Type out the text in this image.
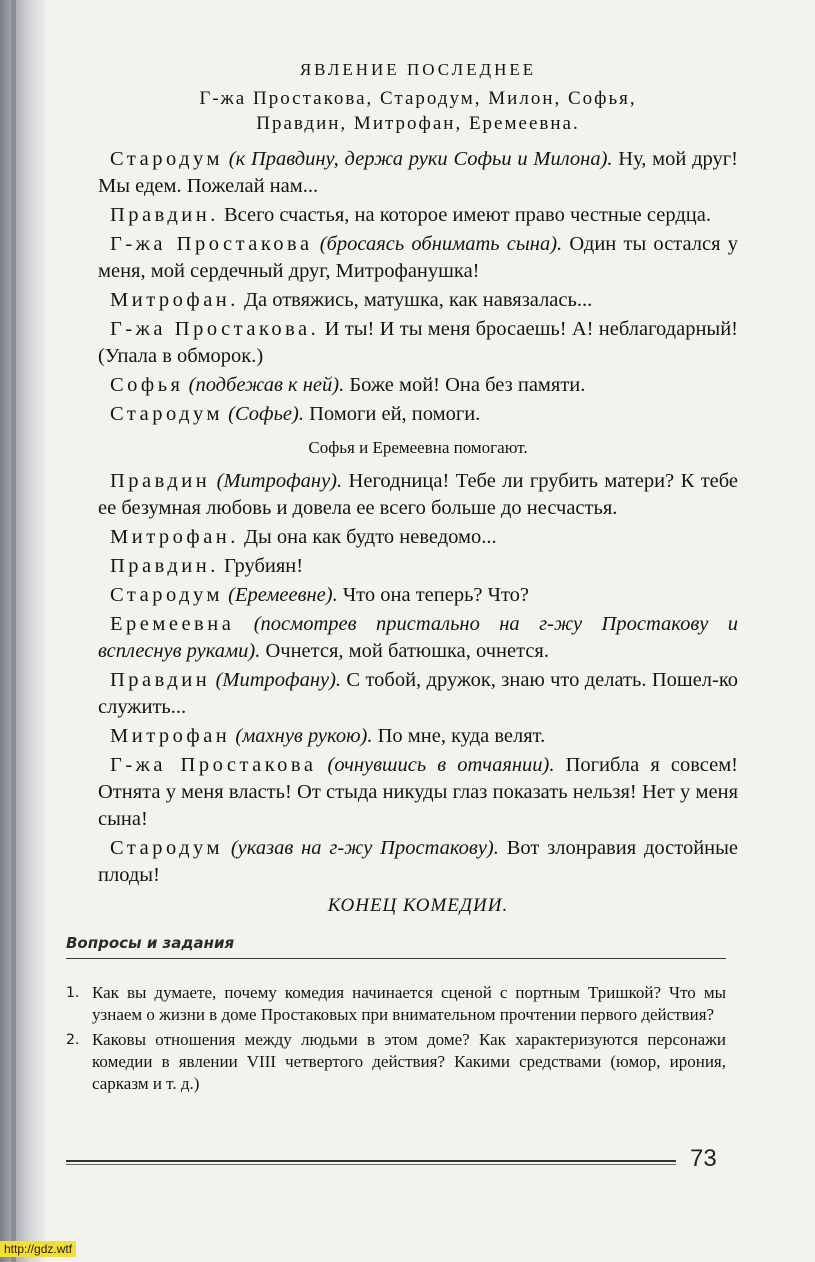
ЯВЛЕНИЕ ПОСЛЕДНЕЕ
Г-жа Простакова, Стародум, Милон, Софья,
Правдин, Митрофан, Еремеевна.

Стародум (к Правдину, держа руки Софьи и Милона). Ну, мой друг! Мы едем. Пожелай нам...

Правдин. Всего счастья, на которое имеют право честные сердца.

Г-жа Простакова (бросаясь обнимать сына). Один ты остался у меня, мой сердечный друг, Митрофанушка!

Митрофан. Да отвяжись, матушка, как навязалась...

Г-жа Простакова. И ты! И ты меня бросаешь! А! неблагодарный! (Упала в обморок.)

Софья (подбежав к ней). Боже мой! Она без памяти.

Стародум (Софье). Помоги ей, помоги.

Софья и Еремеевна помогают.

Правдин (Митрофану). Негодница! Тебе ли грубить матери? К тебе ее безумная любовь и довела ее всего больше до несчастья.

Митрофан. Ды она как будто неведомо...

Правдин. Грубиян!

Стародум (Еремеевне). Что она теперь? Что?

Еремеевна (посмотрев пристально на г-жу Простакову и всплеснув руками). Очнется, мой батюшка, очнется.

Правдин (Митрофану). С тобой, дружок, знаю что делать. Пошел-ко служить...

Митрофан (махнув рукою). По мне, куда велят.

Г-жа Простакова (очнувшись в отчаянии). Погибла я совсем! Отнята у меня власть! От стыда никуды глаз показать нельзя! Нет у меня сына!

Стародум (указав на г-жу Простакову). Вот злонравия достойные плоды!

КОНЕЦ КОМЕДИИ.
Вопросы и задания
1. Как вы думаете, почему комедия начинается сценой с портным Тришкой? Что мы узнаем о жизни в доме Простаковых при внимательном прочтении первого действия?
2. Каковы отношения между людьми в этом доме? Как характеризуются персонажи комедии в явлении VIII четвертого действия? Какими средствами (юмор, ирония, сарказм и т. д.)
73
http://gdz.wtf
